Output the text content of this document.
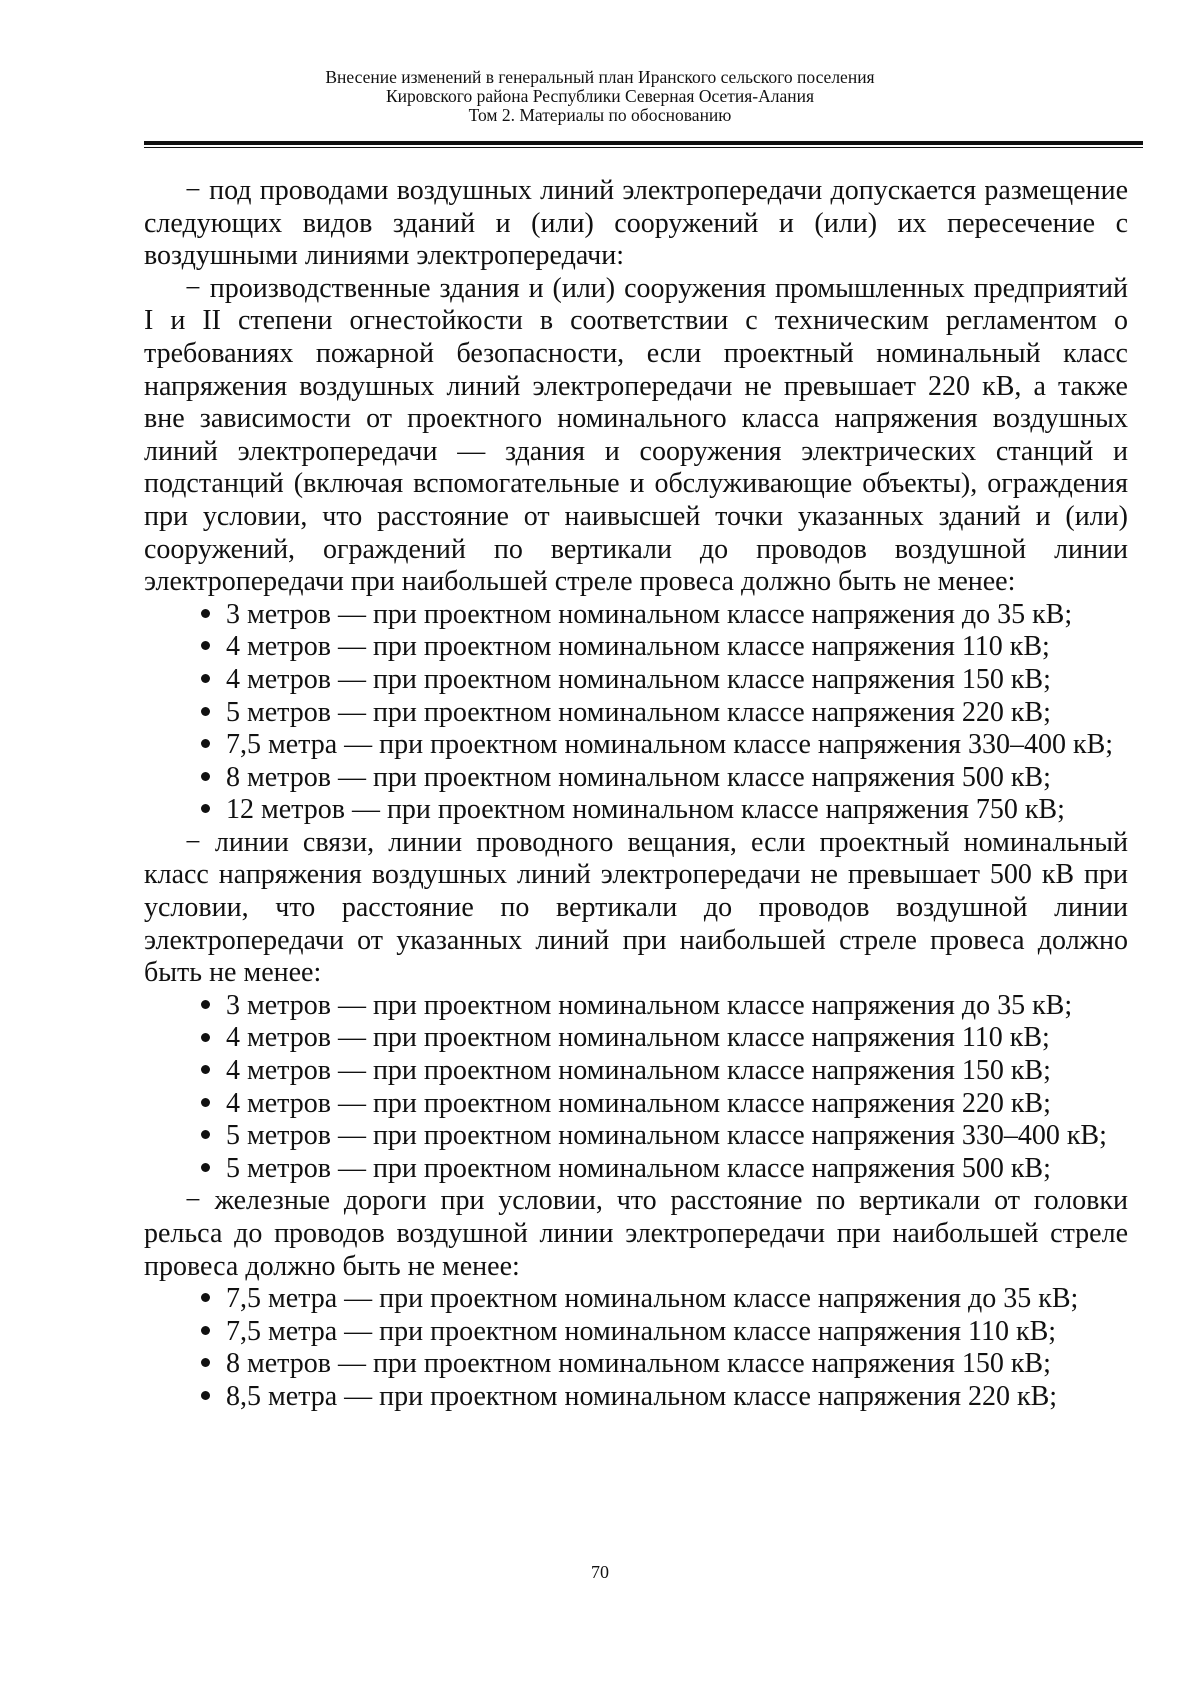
Внесение изменений в генеральный план Иранского сельского поселения
Кировского района Республики Северная Осетия-Алания
Том 2. Материалы по обоснованию

− под проводами воздушных линий электропередачи допускается размещение следующих видов зданий и (или) сооружений и (или) их пересечение с воздушными линиями электропередачи:

− производственные здания и (или) сооружения промышленных предприятий I и II степени огнестойкости в соответствии с техническим регламентом о требованиях пожарной безопасности, если проектный номинальный класс напряжения воздушных линий электропередачи не превышает 220 кВ, а также вне зависимости от проектного номинального класса напряжения воздушных линий электропередачи — здания и сооружения электрических станций и подстанций (включая вспомогательные и обслуживающие объекты), ограждения при условии, что расстояние от наивысшей точки указанных зданий и (или) сооружений, ограждений по вертикали до проводов воздушной линии электропередачи при наибольшей стреле провеса должно быть не менее:

3 метров — при проектном номинальном классе напряжения до 35 кВ;
4 метров — при проектном номинальном классе напряжения 110 кВ;
4 метров — при проектном номинальном классе напряжения 150 кВ;
5 метров — при проектном номинальном классе напряжения 220 кВ;
7,5 метра — при проектном номинальном классе напряжения 330–400 кВ;
8 метров — при проектном номинальном классе напряжения 500 кВ;
12 метров — при проектном номинальном классе напряжения 750 кВ;

− линии связи, линии проводного вещания, если проектный номинальный класс напряжения воздушных линий электропередачи не превышает 500 кВ при условии, что расстояние по вертикали до проводов воздушной линии электропередачи от указанных линий при наибольшей стреле провеса должно быть не менее:

3 метров — при проектном номинальном классе напряжения до 35 кВ;
4 метров — при проектном номинальном классе напряжения 110 кВ;
4 метров — при проектном номинальном классе напряжения 150 кВ;
4 метров — при проектном номинальном классе напряжения 220 кВ;
5 метров — при проектном номинальном классе напряжения 330–400 кВ;
5 метров — при проектном номинальном классе напряжения 500 кВ;

− железные дороги при условии, что расстояние по вертикали от головки рельса до проводов воздушной линии электропередачи при наибольшей стреле провеса должно быть не менее:

7,5 метра — при проектном номинальном классе напряжения до 35 кВ;
7,5 метра — при проектном номинальном классе напряжения 110 кВ;
8 метров — при проектном номинальном классе напряжения 150 кВ;
8,5 метра — при проектном номинальном классе напряжения 220 кВ;
70
